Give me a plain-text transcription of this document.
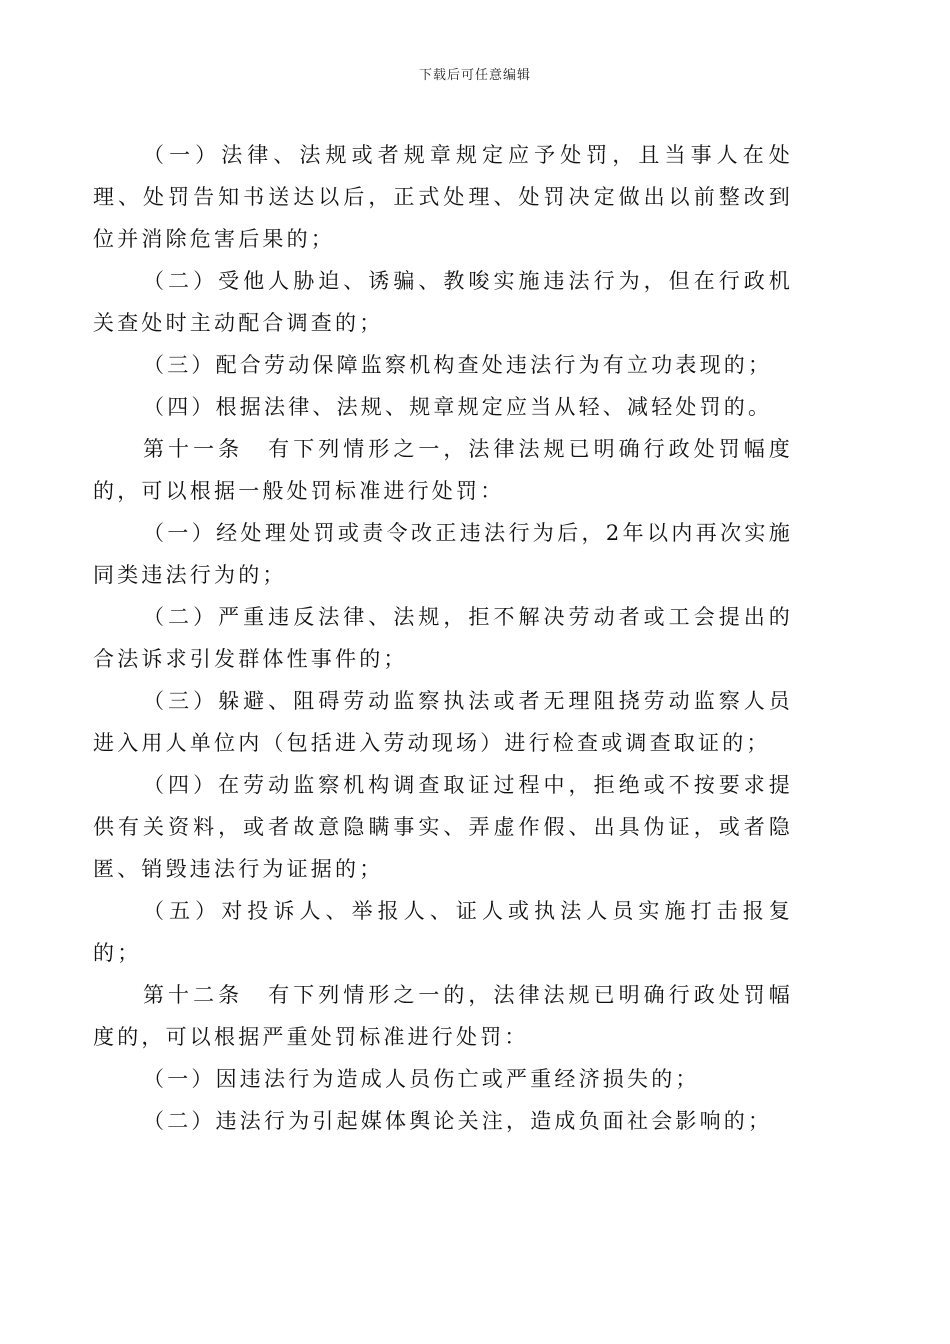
下载后可任意编辑

（一）法律、法规或者规章规定应予处罚，且当事人在处理、处罚告知书送达以后，正式处理、处罚决定做出以前整改到位并消除危害后果的；

（二）受他人胁迫、诱骗、教唆实施违法行为，但在行政机关查处时主动配合调查的；

（三）配合劳动保障监察机构查处违法行为有立功表现的；

（四）根据法律、法规、规章规定应当从轻、减轻处罚的。

第十一条　有下列情形之一，法律法规已明确行政处罚幅度的，可以根据一般处罚标准进行处罚：

（一）经处理处罚或责令改正违法行为后，2年以内再次实施同类违法行为的；

（二）严重违反法律、法规，拒不解决劳动者或工会提出的合法诉求引发群体性事件的；

（三）躲避、阻碍劳动监察执法或者无理阻挠劳动监察人员进入用人单位内（包括进入劳动现场）进行检查或调查取证的；

（四）在劳动监察机构调查取证过程中，拒绝或不按要求提供有关资料，或者故意隐瞒事实、弄虚作假、出具伪证，或者隐匿、销毁违法行为证据的；

（五）对投诉人、举报人、证人或执法人员实施打击报复的；

第十二条　有下列情形之一的，法律法规已明确行政处罚幅度的，可以根据严重处罚标准进行处罚：

（一）因违法行为造成人员伤亡或严重经济损失的；

（二）违法行为引起媒体舆论关注，造成负面社会影响的；
